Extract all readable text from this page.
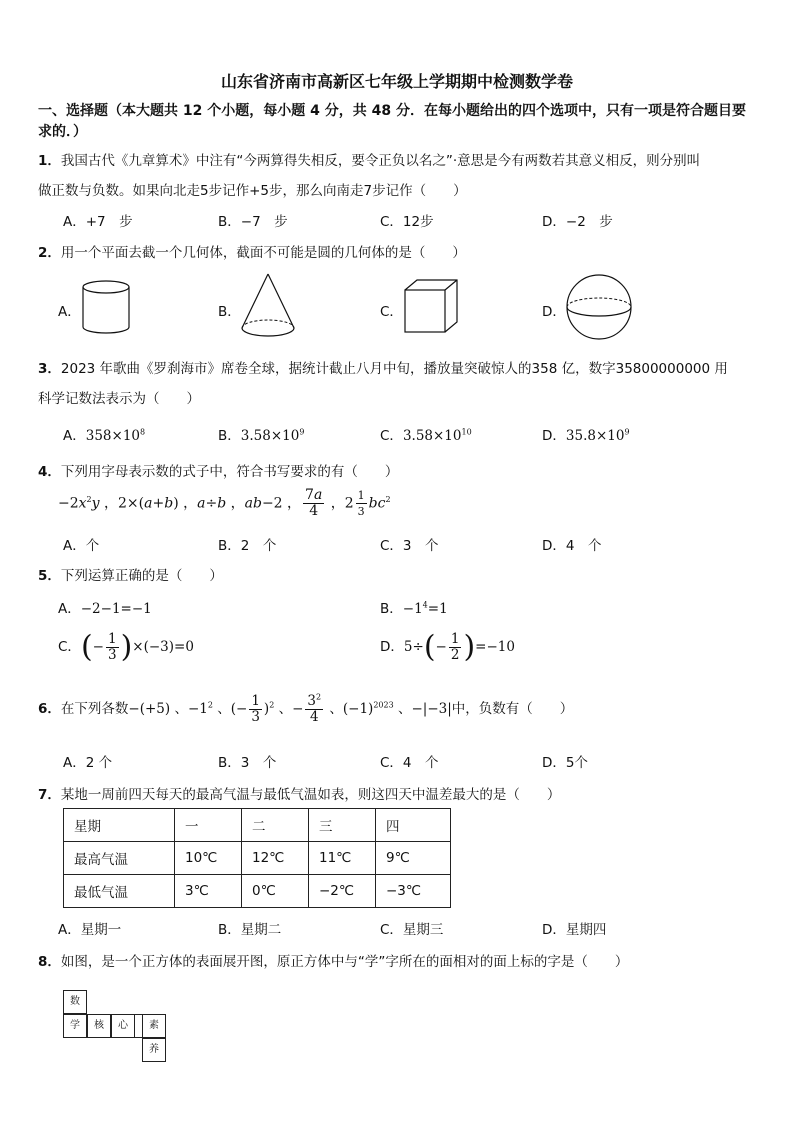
山东省济南市高新区七年级上学期期中检测数学卷
一、选择题（本大题共 12 个小题，每小题 4 分，共 48 分．在每小题给出的四个选项中，只有一项是符合题目要求的．）
1．我国古代《九章算术》中注有“今两算得失相反，要令正负以名之”·意思是今有两数若其意义相反，则分别叫
做正数与负数。如果向北走5步记作+5步，那么向南走7步记作（　　）
A．+7　步	B．−7　步	C．12步	D．−2　步
2．用一个平面去截一个几何体，截面不可能是圆的几何体的是（　　）
A．	B．	C．	D．
3．2023 年歌曲《罗刹海市》席卷全球，据统计截止八月中旬，播放量突破惊人的358 亿，数字35800000000 用
科学记数法表示为（　　）
A．$358\times 10^8$	B．$3.58\times 10^9$	C．$3.58\times 10^{10}$	D．$35.8\times 10^9$
4．下列用字母表示数的式子中，符合书写要求的有（　　）
$-2x^2y$ ，2×(a+b) ，a÷b ，ab−2 ， $\frac{7a}{4}$ ，$2 \frac{1}{3} bc^2$
A．个	B．2　个	C．3　个	D．4　个
5．下列运算正确的是（　　）
A．−2−1=−1	B．$-1^4=1$
C．(− $\frac{1}{3} )\times(-3)=0$	D．$5\div(- \frac{1}{2} )=-10$
6．在下列各数−(+5) 、$-1^2$ 、(− $\frac{1}{3} )^2$ 、− $\frac{3^2}{4}$ 、$(-1)^{2023}$ 、−|−3|中，负数有（　　）
A．2 个	B．3　个	C．4　个	D．5个
7．某地一周前四天每天的最高气温与最低气温如表，则这四天中温差最大的是（　　）
星期	一	二	三	四
最高气温	10℃	12℃	11℃	9℃
最低气温	3℃	0℃	−2℃	−3℃
A．星期一	B．星期二	C．星期三	D．星期四
8．如图，是一个正方体的表面展开图，原正方体中与“学”字所在的面相对的面上标的字是（　　）
数
学	核	心	素
养
